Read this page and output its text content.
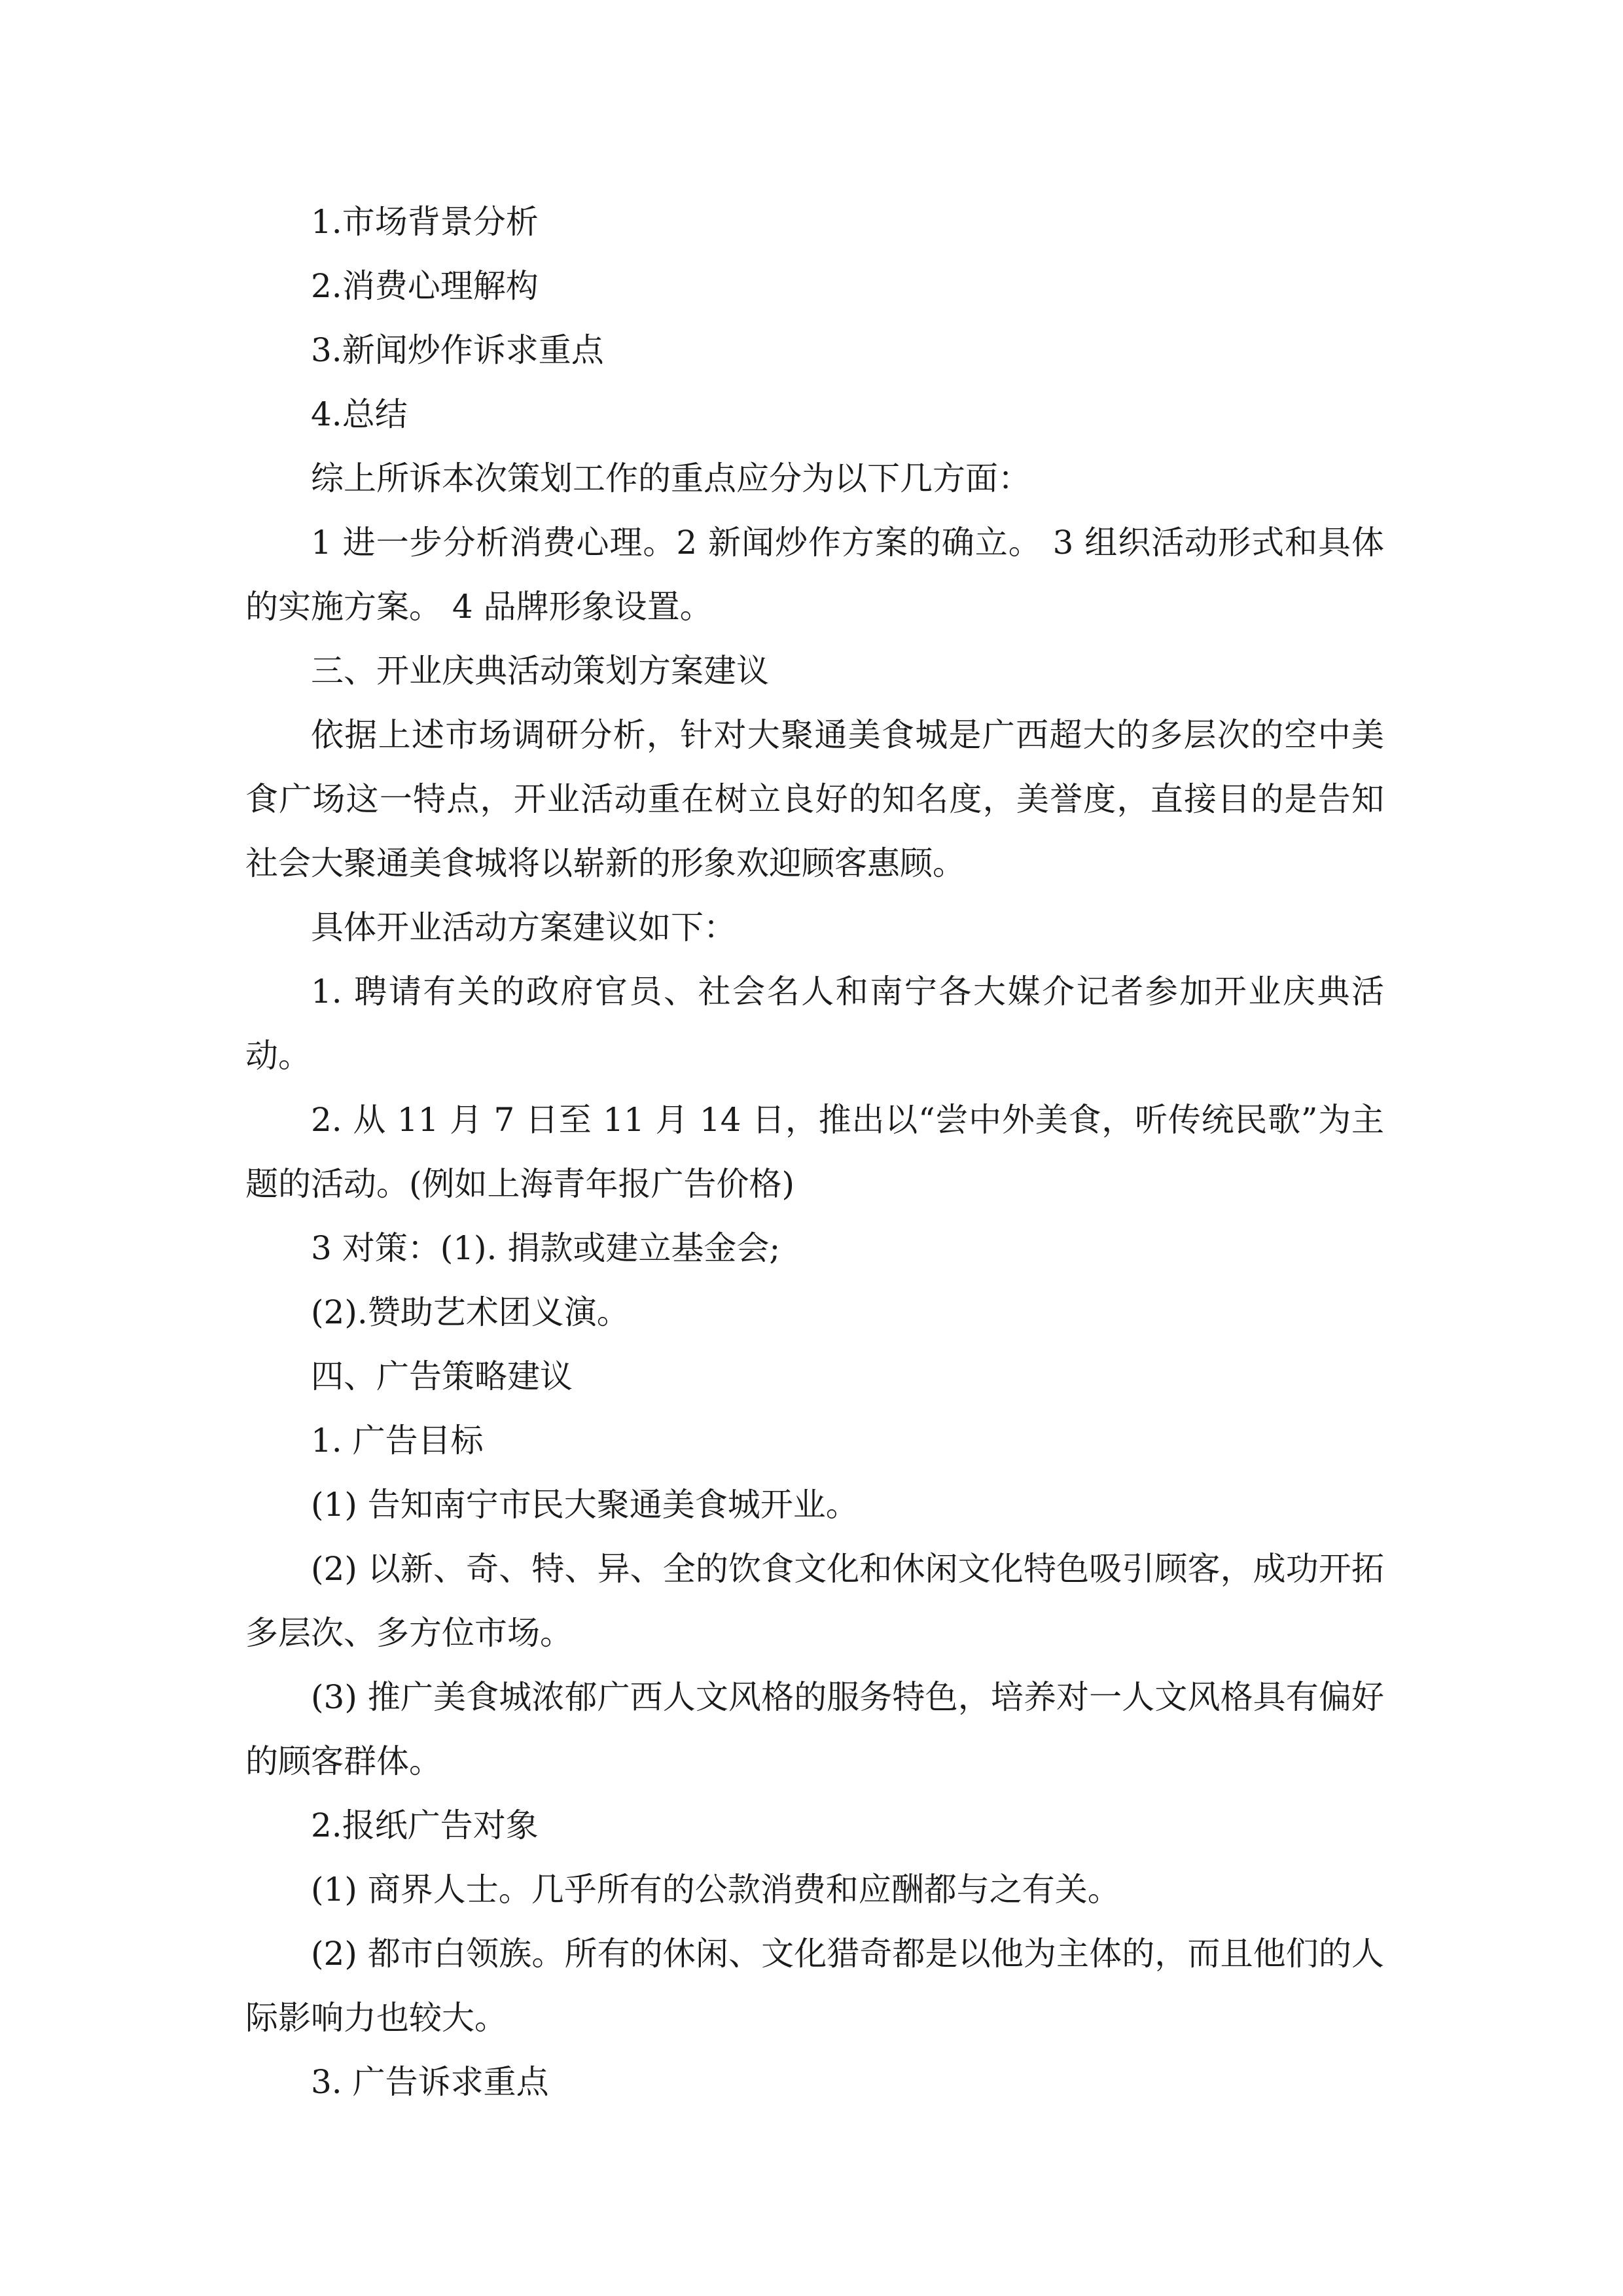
1.市场背景分析

2.消费心理解构

3.新闻炒作诉求重点

4.总结

综上所诉本次策划工作的重点应分为以下几方面：

1 进一步分析消费心理。2 新闻炒作方案的确立。 3 组织活动形式和具体的实施方案。 4 品牌形象设置。

三、开业庆典活动策划方案建议

依据上述市场调研分析，针对大聚通美食城是广西超大的多层次的空中美食广场这一特点，开业活动重在树立良好的知名度，美誉度，直接目的是告知社会大聚通美食城将以崭新的形象欢迎顾客惠顾。

具体开业活动方案建议如下：

1. 聘请有关的政府官员、社会名人和南宁各大媒介记者参加开业庆典活动。

2. 从 11 月 7 日至 11 月 14 日，推出以“尝中外美食，听传统民歌”为主题的活动。(例如上海青年报广告价格)

3 对策：(1). 捐款或建立基金会;

(2).赞助艺术团义演。

四、广告策略建议

1. 广告目标

(1) 告知南宁市民大聚通美食城开业。

(2) 以新、奇、特、异、全的饮食文化和休闲文化特色吸引顾客，成功开拓多层次、多方位市场。

(3) 推广美食城浓郁广西人文风格的服务特色，培养对一人文风格具有偏好的顾客群体。

2.报纸广告对象

(1) 商界人士。几乎所有的公款消费和应酬都与之有关。

(2) 都市白领族。所有的休闲、文化猎奇都是以他为主体的，而且他们的人际影响力也较大。

3. 广告诉求重点
